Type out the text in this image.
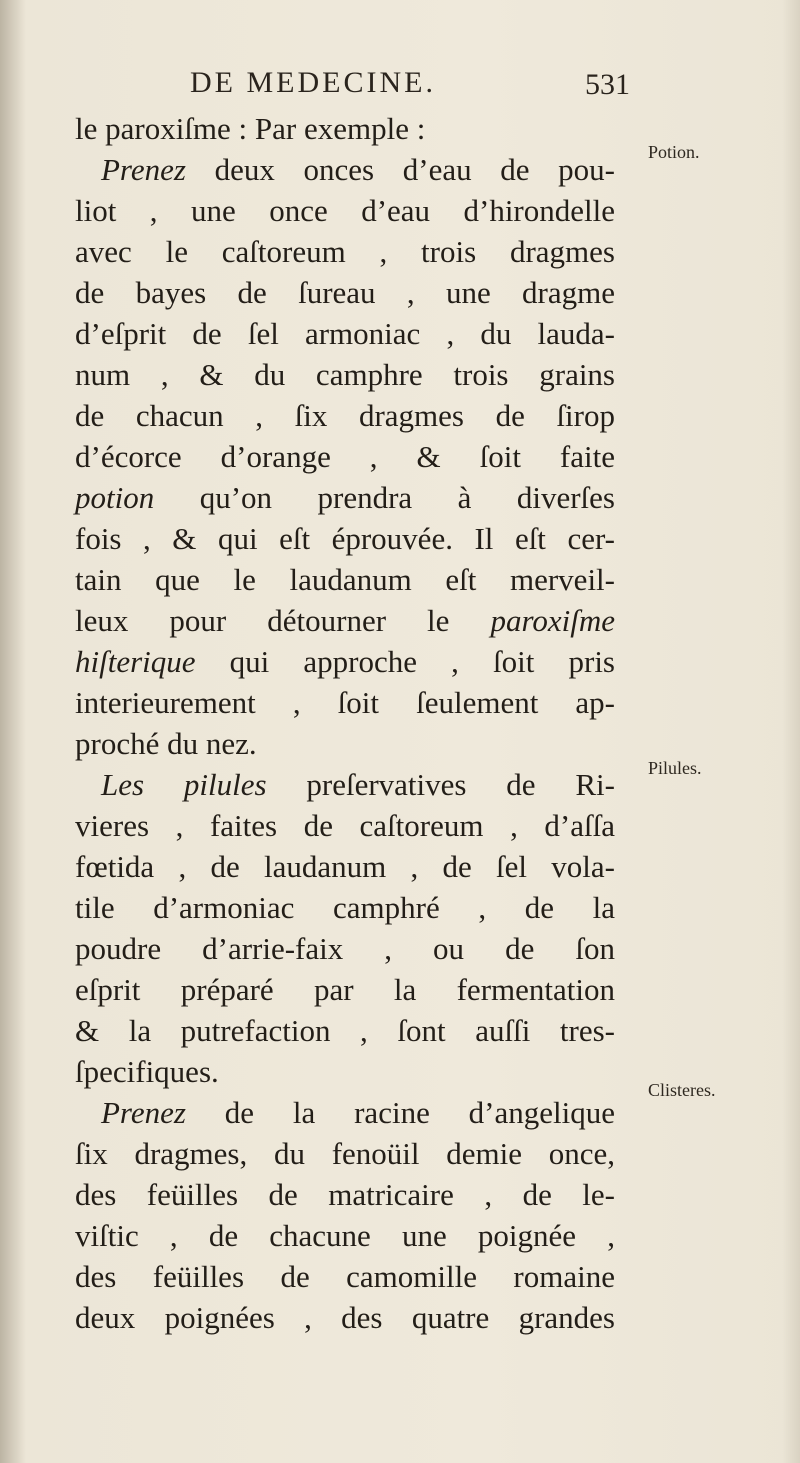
DE MEDECINE.	531
le paroxiſme : Par exemple :
Prenez deux onces d’eau de pou-
liot , une once d’eau d’hirondelle
avec le caſtoreum , trois dragmes
de bayes de ſureau , une dragme
d’eſprit de ſel armoniac , du lauda-
num , & du camphre trois grains
de chacun , ſix dragmes de ſirop
d’écorce d’orange , & ſoit faite
potion qu’on prendra à diverſes
fois , & qui eſt éprouvée. Il eſt cer-
tain que le laudanum eſt merveil-
leux pour détourner le paroxiſme
hiſterique qui approche , ſoit pris
interieurement , ſoit ſeulement ap-
proché du nez.
Les pilules preſervatives de Ri-
vieres , faites de caſtoreum , d’aſſa
fœtida , de laudanum , de ſel vola-
tile d’armoniac camphré , de la
poudre d’arrie-faix , ou de ſon
eſprit préparé par la fermentation
& la putrefaction , ſont auſſi tres-
ſpecifiques.
Prenez de la racine d’angelique
ſix dragmes, du fenoüil demie once,
des feüilles de matricaire , de le-
viſtic , de chacune une poignée ,
des feüilles de camomille romaine
deux poignées , des quatre grandes
Potion.
Pilules.
Clisteres.
